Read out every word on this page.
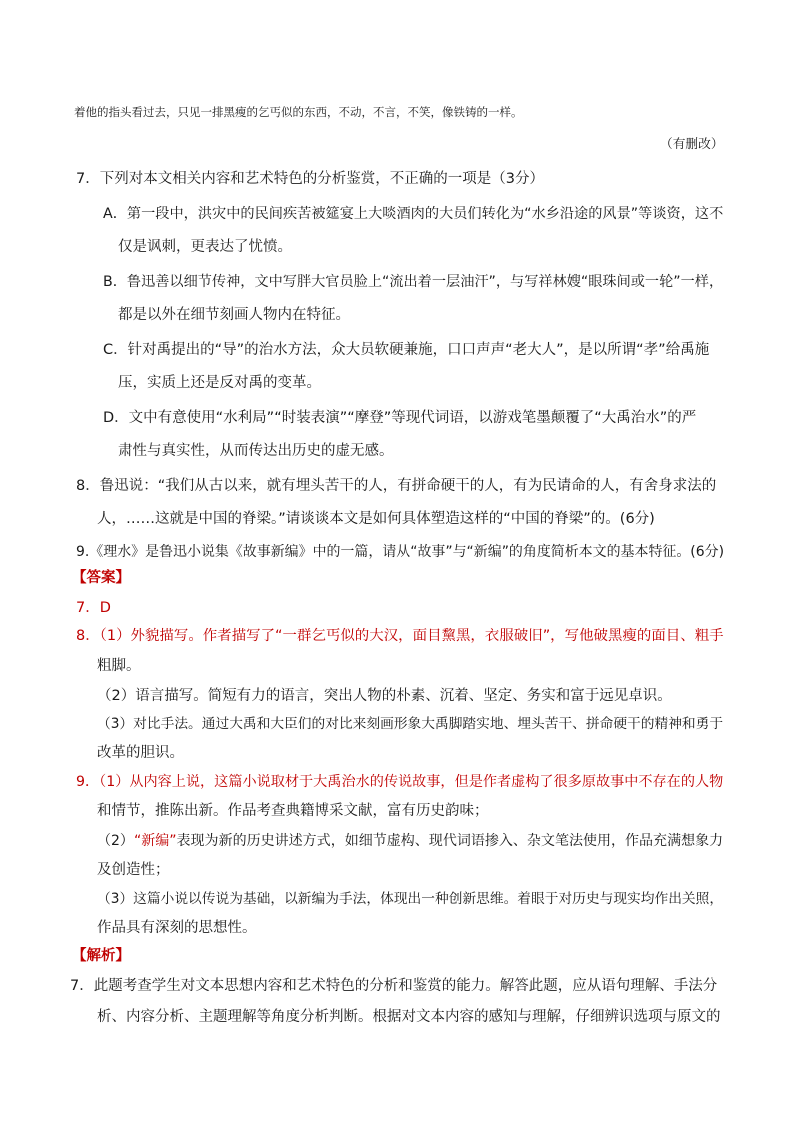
着他的指头看过去，只见一排黑瘦的乞丐似的东西，不动，不言，不笑，像铁铸的一样。
（有删改）
7．下列对本文相关内容和艺术特色的分析鉴赏，不正确的一项是（3分）
A．第一段中，洪灾中的民间疾苦被筵宴上大啖酒肉的大员们转化为“水乡沿途的风景”等谈资，这不
仅是讽刺，更表达了忧愤。
B．鲁迅善以细节传神，文中写胖大官员脸上“流出着一层油汗”，与写祥林嫂“眼珠间或一轮”一样，
都是以外在细节刻画人物内在特征。
C．针对禹提出的“导”的治水方法，众大员软硬兼施，口口声声“老大人”，是以所谓“孝”给禹施
压，实质上还是反对禹的变革。
D．文中有意使用“水利局”“时装表演”“摩登”等现代词语，以游戏笔墨颠覆了“大禹治水”的严
肃性与真实性，从而传达出历史的虚无感。
8．鲁迅说：“我们从古以来，就有埋头苦干的人，有拼命硬干的人，有为民请命的人，有舍身求法的
人，……这就是中国的脊梁。”请谈谈本文是如何具体塑造这样的“中国的脊梁”的。(6分)
9.《理水》是鲁迅小说集《故事新编》中的一篇，请从“故事”与“新编”的角度简析本文的基本特征。(6分)
【答案】
7．D
8．（1）外貌描写。作者描写了“一群乞丐似的大汉，面目黧黑，衣服破旧”，写他破黑瘦的面目、粗手
粗脚。
（2）语言描写。简短有力的语言，突出人物的朴素、沉着、坚定、务实和富于远见卓识。
（3）对比手法。通过大禹和大臣们的对比来刻画形象大禹脚踏实地、埋头苦干、拼命硬干的精神和勇于
改革的胆识。
9．（1）从内容上说，这篇小说取材于大禹治水的传说故事，但是作者虚构了很多原故事中不存在的人物
和情节，推陈出新。作品考查典籍博采文献，富有历史韵味；
（2）“新编”表现为新的历史讲述方式，如细节虚构、现代词语掺入、杂文笔法使用，作品充满想象力
及创造性；
（3）这篇小说以传说为基础，以新编为手法，体现出一种创新思维。着眼于对历史与现实均作出关照，
作品具有深刻的思想性。
【解析】
7．此题考查学生对文本思想内容和艺术特色的分析和鉴赏的能力。解答此题，应从语句理解、手法分
析、内容分析、主题理解等角度分析判断。根据对文本内容的感知与理解，仔细辨识选项与原文的
